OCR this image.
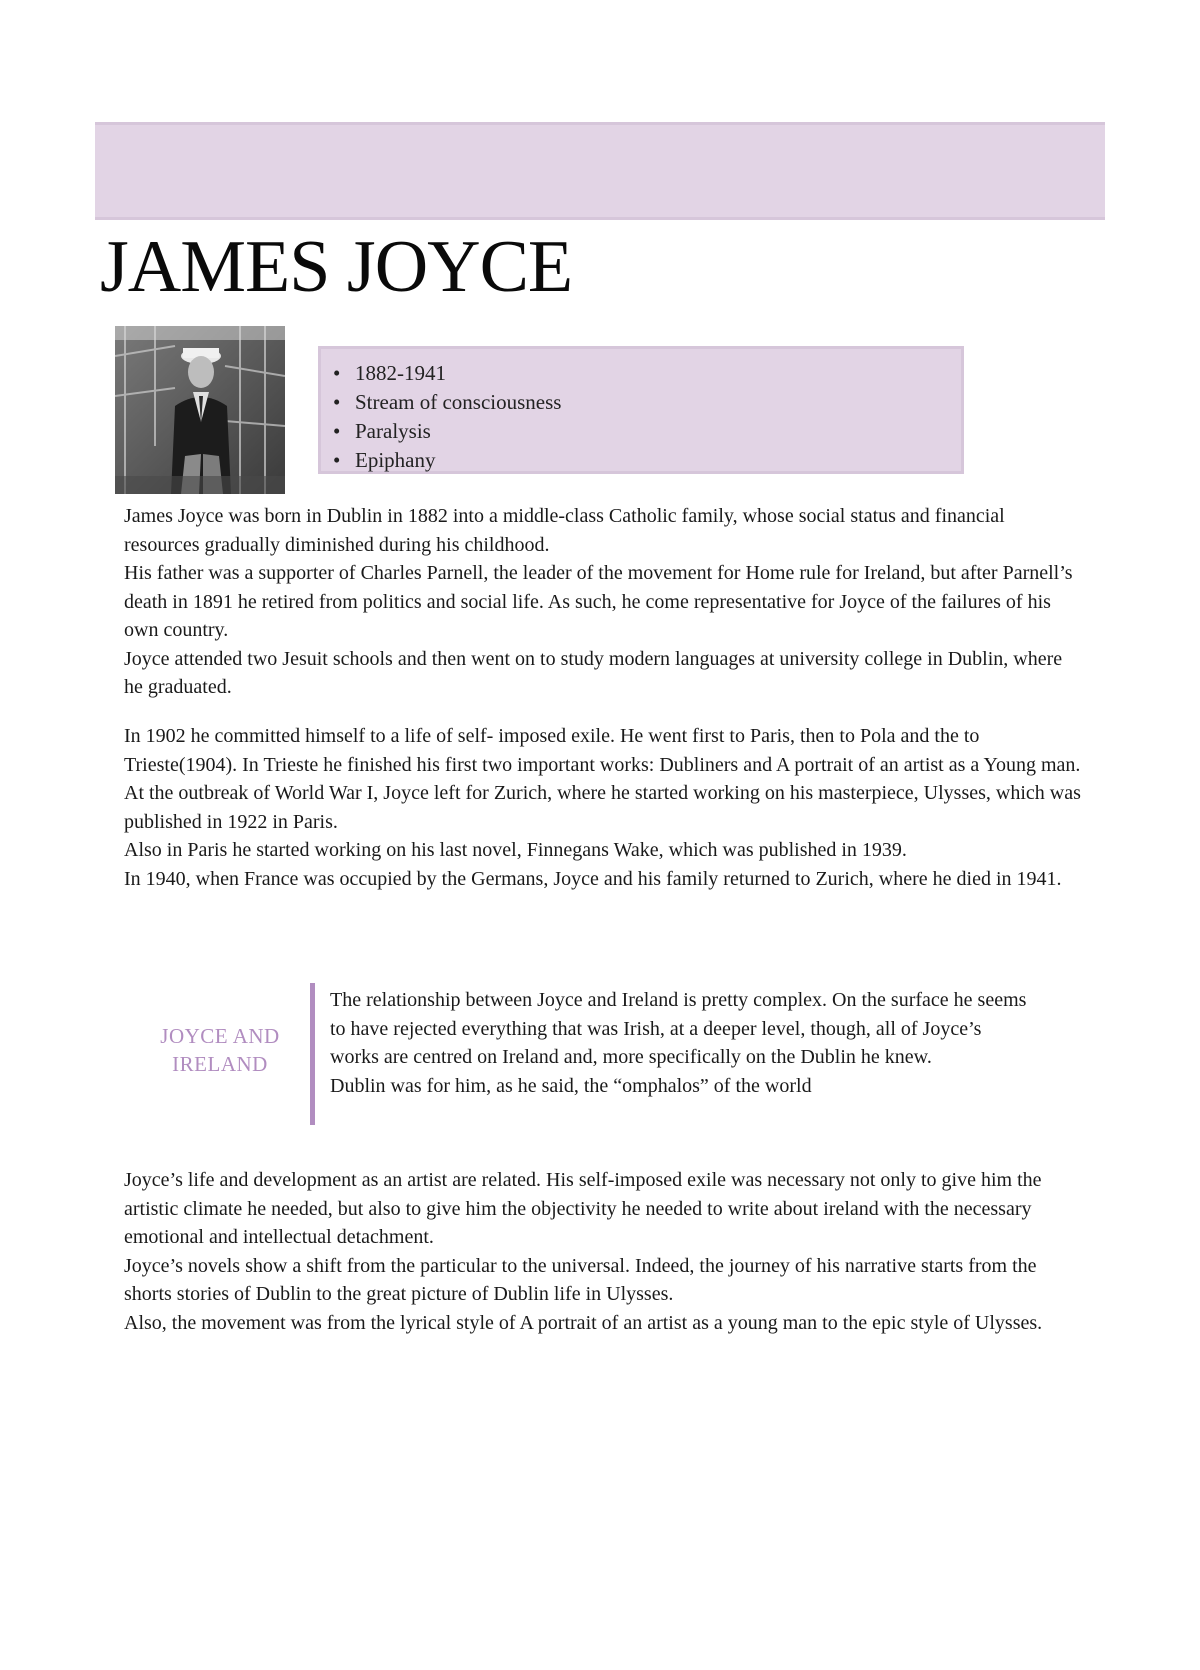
JAMES JOYCE
• 1882-1941
• Stream of consciousness
• Paralysis
• Epiphany

James Joyce was born in Dublin in 1882 into a middle-class Catholic family, whose social status and financial resources gradually diminished during his childhood.

His father was a supporter of Charles Parnell, the leader of the movement for Home rule for Ireland, but after Parnell’s death in 1891 he retired from politics and social life. As such, he come representative for Joyce of the failures of his own country.

Joyce attended two Jesuit schools and then went on to study modern languages at university college in Dublin, where he graduated.

In 1902 he committed himself to a life of self- imposed exile. He went first to Paris, then to Pola and the to Trieste(1904). In Trieste he finished his first two important works: Dubliners and A portrait of an artist as a Young man.

At the outbreak of World War I, Joyce left for Zurich, where he started working on his masterpiece, Ulysses, which was published in 1922 in Paris.

Also in Paris he started working on his last novel, Finnegans Wake, which was published in 1939.

In 1940, when France was occupied by the Germans, Joyce and his family returned to Zurich, where he died in 1941.

JOYCE AND IRELAND

The relationship between Joyce and Ireland is pretty complex. On the surface he seems to have rejected everything that was Irish, at a deeper level, though, all of Joyce’s works are centred on Ireland and, more specifically on the Dublin he knew.

Dublin was for him, as he said, the “omphalos” of the world

Joyce’s life and development as an artist are related. His self-imposed exile was necessary not only to give him the artistic climate he needed, but also to give him the objectivity he needed to write about ireland with the necessary emotional and intellectual detachment.

Joyce’s novels show a shift from the particular to the universal. Indeed, the journey of his narrative starts from the shorts stories of Dublin to the great picture of Dublin life in Ulysses.

Also, the movement was from the lyrical style of A portrait of an artist as a young man to the epic style of Ulysses.
